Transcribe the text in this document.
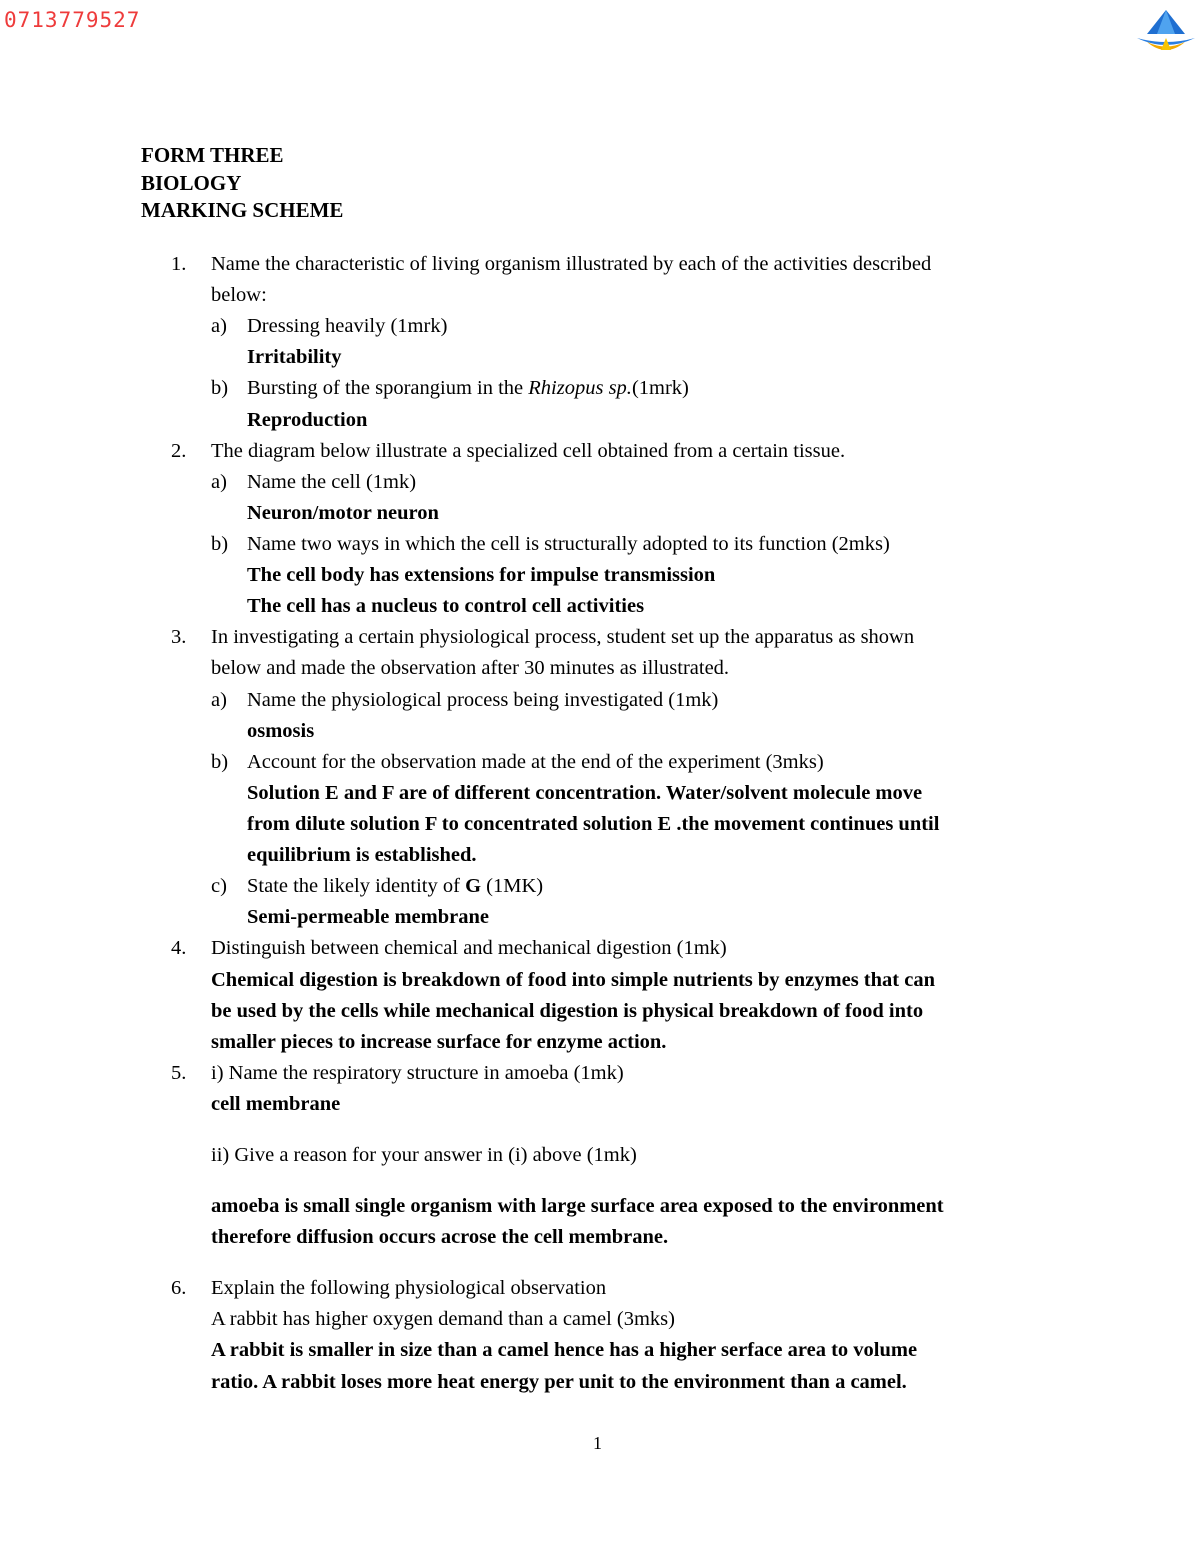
0713779527
FORM THREE
BIOLOGY
MARKING SCHEME
1. Name the characteristic of living organism illustrated by each of the activities described
below:
a) Dressing heavily (1mrk)
Irritability
b) Bursting of the sporangium in the Rhizopus sp.(1mrk)
Reproduction
2. The diagram below illustrate a specialized cell obtained from a certain tissue.
a) Name the cell (1mk)
Neuron/motor neuron
b) Name two ways in which the cell is structurally adopted to its function (2mks)
The cell body has extensions for impulse transmission
The cell has a nucleus to control cell activities
3. In investigating a certain physiological process, student set up the apparatus as shown
below and made the observation after 30 minutes as illustrated.
a) Name the physiological process being investigated (1mk)
osmosis
b) Account for the observation made at the end of the experiment (3mks)
Solution E and F are of different concentration. Water/solvent molecule move
from dilute solution F to concentrated solution E .the movement continues until
equilibrium is established.
c) State the likely identity of G (1MK)
Semi-permeable membrane
4. Distinguish between chemical and mechanical digestion (1mk)
Chemical digestion is breakdown of food into simple nutrients by enzymes that can
be used by the cells while mechanical digestion is physical breakdown of food into
smaller pieces to increase surface for enzyme action.
5. i) Name the respiratory structure in amoeba (1mk)
cell membrane
ii) Give a reason for your answer in (i) above (1mk)
amoeba is small single organism with large surface area exposed to the environment
therefore diffusion occurs acrose the cell membrane.
6. Explain the following physiological observation
A rabbit has higher oxygen demand than a camel (3mks)
A rabbit is smaller in size than a camel hence has a higher serface area to volume
ratio. A rabbit loses more heat energy per unit to the environment than a camel.
1
